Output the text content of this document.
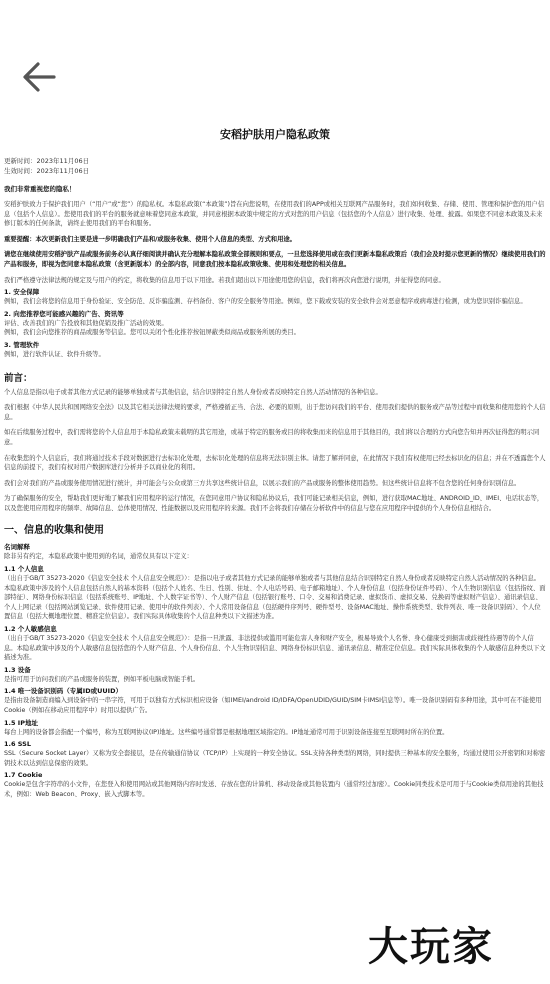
安稻护肤用户隐私政策
更新时间：2023年11月06日
生效时间：2023年11月06日
我们非常重视您的隐私！

安稻护肤致力于保护我们用户（“用户”或“您”）的隐私权。本隐私政策(“本政策”)旨在向您说明，在使用我们的APP或相关互联网产品服务时，我们如何收集、存储、使用、管理和保护您的用户信息（包括个人信息）。您使用我们的平台的服务就意味着您同意本政策，并同意根据本政策中规定的方式对您的用户信息（包括您的个人信息）进行收集、处理、披露。如果您不同意本政策及未来修订版本的任何条款，请终止使用我们的平台和服务。

重要提醒：本次更新我们主要是进一步明确我们产品和/或服务收集、使用个人信息的类型、方式和用途。

请您在继续使用安稻护肤产品或服务前务必认真仔细阅读并确认充分理解本隐私政策全部规则和要点，一旦您选择使用或在我们更新本隐私政策后（我们会及时提示您更新的情况）继续使用我们的产品和服务，即视为您同意本隐私政策（含更新版本）的全部内容，同意我们按本隐私政策收集、使用和处理您的相关信息。

我们严格遵守法律法规的规定及与用户的约定，将收集的信息用于以下用途。若我们超出以下用途使用您的信息，我们将再次向您进行说明，并征得您的同意。

1. 安全保障

例如，我们会将您的信息用于身份验证、安全防范、反诈骗监测、存档备份、客户的安全服务等用途。例如，您下载或安装的安全软件会对恶意程序或病毒进行检测，或为您识别诈骗信息。

2. 向您推荐您可能感兴趣的广告、资讯等

评估、改善我们的广告投放和其他促销及推广活动的效果。

例如，我们会向您推荐的商品或服务等信息。您可以关闭个性化推荐按钮屏蔽类似商品或服务所展的类目。

3. 管理软件

例如，进行软件认证、软件升级等。

前言：

个人信息是指以电子或者其他方式记录的能够单独或者与其他信息，结合识别特定自然人身份或者反映特定自然人活动情况的各种信息。

我们根据《中华人民共和国网络安全法》以及其它相关法律法规的要求，严格遵循正当、合法、必要的原则，出于您访问我们的平台、使用我们提供的服务或产品等过程中而收集和使用您的个人信息。

如在后续服务过程中，我们需将您的个人信息用于本隐私政策未载明的其它用途，或基于特定的服务或目的将收集而来的信息用于其他目的，我们将以合理的方式向您告知并再次征得您的明示同意。

在收集您的个人信息后，我们将通过技术手段对数据进行去标识化处理，去标识化处理的信息将无法识别主体。请您了解并同意，在此情况下我们有权使用已经去标识化的信息；并在不透露您个人信息的前提下，我们有权对用户数据库进行分析并予以商业化的利用。

我们会对我们的产品或服务使用情况进行统计，并可能会与公众或第三方共享这些统计信息，以展示我们的产品或服务的整体使用趋势。但这些统计信息将不包含您的任何身份识别信息。

为了确保服务的安全，帮助我们更好地了解我们应用程序的运行情况，在您同意用户协议和隐私协议后，我们可能记录相关信息，例如，进行获取MAC地址、ANDROID_ID、IMEI、电话状态等，以及您使用应用程序的频率、故障信息、总体使用情况、性能数据以及应用程序的来源。我们不会将我们存储在分析软件中的信息与您在应用程序中提供的个人身份信息相结合。

一、信息的收集和使用
名词解释

除非另有约定，本隐私政策中使用到的名词，通常仅具有以下定义：

1.1 个人信息

（出自于GB/T 35273-2020《信息安全技术 个人信息安全规范》）：是指以电子或者其他方式记录的能够单独或者与其他信息结合识别特定自然人身份或者反映特定自然人活动情况的各种信息。本隐私政策中涉及的个人信息包括自然人的基本资料（包括个人姓名、生日、性别、住址、个人电话号码、电子邮箱地址）、个人身份信息（包括身份证件号码）、个人生物识别信息（包括指纹、面部特征）、网络身份标识信息（包括系统账号、IP地址、个人数字证书等）、个人财产信息（包括银行账号、口令、交易和消费记录、虚拟货币、虚拟交易、兑换码等虚拟财产信息）、通讯录信息、个人上网记录（包括网站浏览记录、软件使用记录、使用中的软件列表）、个人常用设备信息（包括硬件序列号、硬件型号、设备MAC地址、操作系统类型、软件列表、唯一设备识别码）、个人位置信息（包括大概地理位置、精准定位信息）。我们实际具体收集的个人信息种类以下文描述为准。

1.2 个人敏感信息

（出自于GB/T 35273-2020《信息安全技术 个人信息安全规范》）：是指一旦泄露、非法提供或滥用可能危害人身和财产安全，极易导致个人名誉、身心健康受到损害或歧视性待遇等的个人信息。本隐私政策中涉及的个人敏感信息包括您的个人财产信息、个人身份信息、个人生物识别信息、网络身份标识信息、通讯录信息、精准定位信息。我们实际具体收集的个人敏感信息种类以下文描述为准。

1.3 设备

是指可用于访问我们的产品或服务的装置，例如平板电脑或智能手机。

1.4 唯一设备识别码（专属ID或UUID）

是指由设备制造商编入到设备中的一串字符，可用于以独有方式标识相应设备（如IMEI/android ID/IDFA/OpenUDID/GUID/SIM卡IMSI信息等）。唯一设备识别码有多种用途，其中可在不能使用Cookie（例如在移动应用程序中）时用以提供广告。

1.5 IP地址

每台上网的设备都会指配一个编号，称为互联网协议(IP)地址。这些编号通常都是根据地理区域指定的。IP地址通常可用于识别设备连接至互联网时所在的位置。

1.6 SSL

SSL（Secure Socket Layer）又称为安全套接层，是在传输通信协议（TCP/IP）上实现的一种安全协议。SSL支持各种类型的网络，同时提供三种基本的安全服务，均通过使用公开密钥和对称密钥技术以达到信息保密的效果。

1.7 Cookie

Cookie是包含字符串的小文件，在您登入和使用网站或其他网络内容时发送、存放在您的计算机、移动设备或其他装置内（通常经过加密）。Cookie同类技术是可用于与Cookie类似用途的其他技术，例如：Web Beacon、Proxy、嵌入式脚本等。

大玩家
